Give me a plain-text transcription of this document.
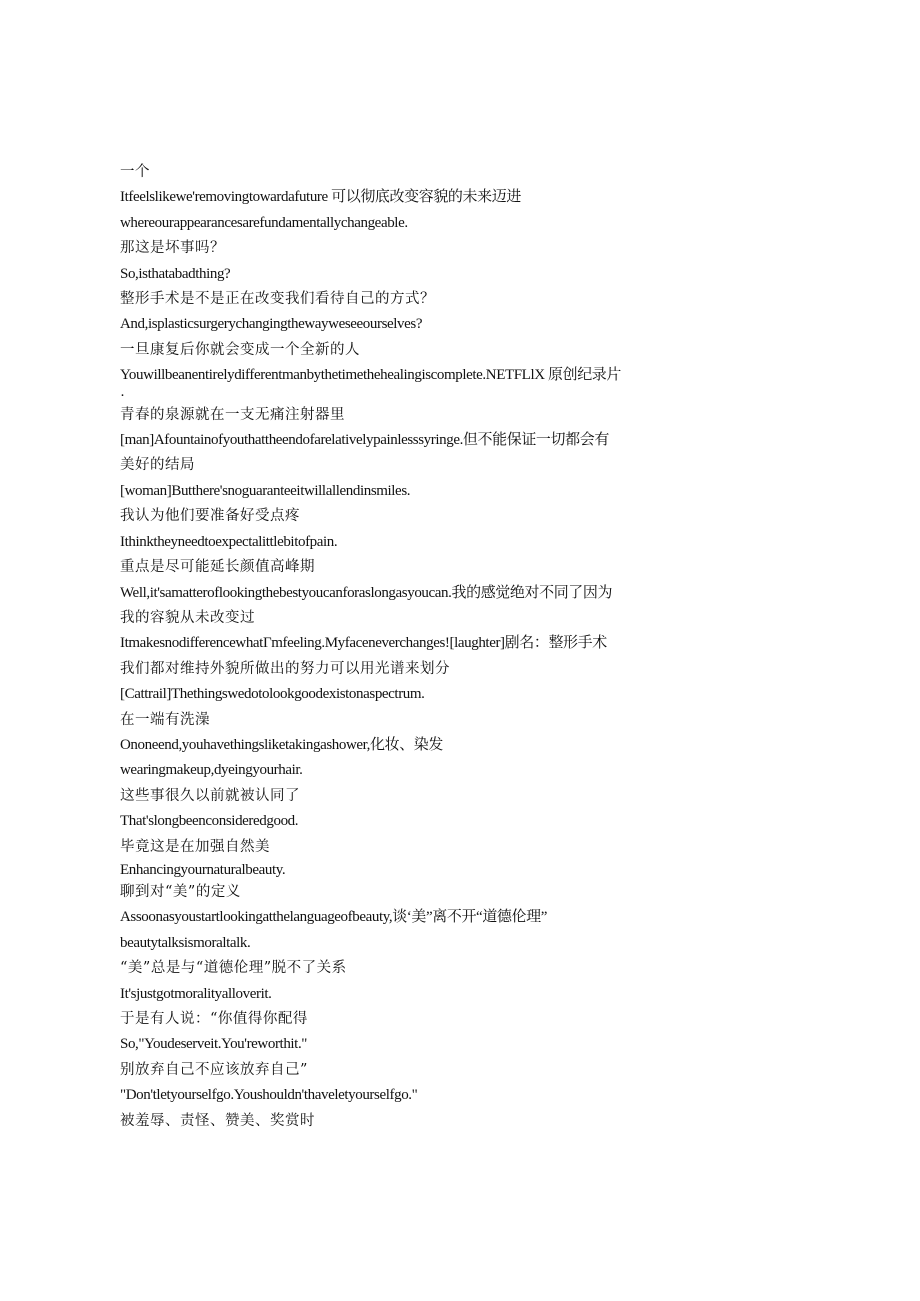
一个

Itfeelslikewe'removingtowardafuture 可以彻底改变容貌的未来迈进

whereourappearancesarefundamentallychangeable.

那这是坏事吗？

So,isthatabadthing?

整形手术是不是正在改变我们看待自己的方式？

And,isplasticsurgerychangingthewayweseeourselves?

一旦康复后你就会变成一个全新的人

Youwillbeanentirelydifferentmanbythetimethehealingiscomplete.NETFLlX 原创纪录片

·

青春的泉源就在一支无痛注射器里

[man]Afountainofyouthattheendofarelativelypainlesssyringe.但不能保证一切都会有

美好的结局

[woman]Butthere'snoguaranteeitwillallendinsmiles.

我认为他们要准备好受点疼

Ithinktheyneedtoexpectalittlebitofpain.

重点是尽可能延长颜值高峰期

Well,it'samatteroflookingthebestyoucanforaslongasyoucan.我的感觉绝对不同了因为

我的容貌从未改变过

ItmakesnodifferencewhatΓmfeeling.Myfaceneverchanges![laughter]剧名：整形手术

我们都对维持外貌所做出的努力可以用光谱来划分

[Cattrail]Thethingswedotolookgoodexistonaspectrum.

在一端有洗澡

Ononeend,youhavethingsliketakingashower,化妆、染发

wearingmakeup,dyeingyourhair.

这些事很久以前就被认同了

That'slongbeenconsideredgood.

毕竟这是在加强自然美

Enhancingyournaturalbeauty.

聊到对“美”的定义

Assoonasyoustartlookingatthelanguageofbeauty,谈‘美”离不开“道德伦理”

beautytalksismoraltalk.

“美”总是与“道德伦理”脱不了关系

It'sjustgotmoralityalloverit.

于是有人说：“你值得你配得

So,"Youdeserveit.You'reworthit."

别放弃自己不应该放弃自己”

"Don'tletyourselfgo.Youshouldn'thaveletyourselfgo."

被羞辱、责怪、赞美、奖赏时
